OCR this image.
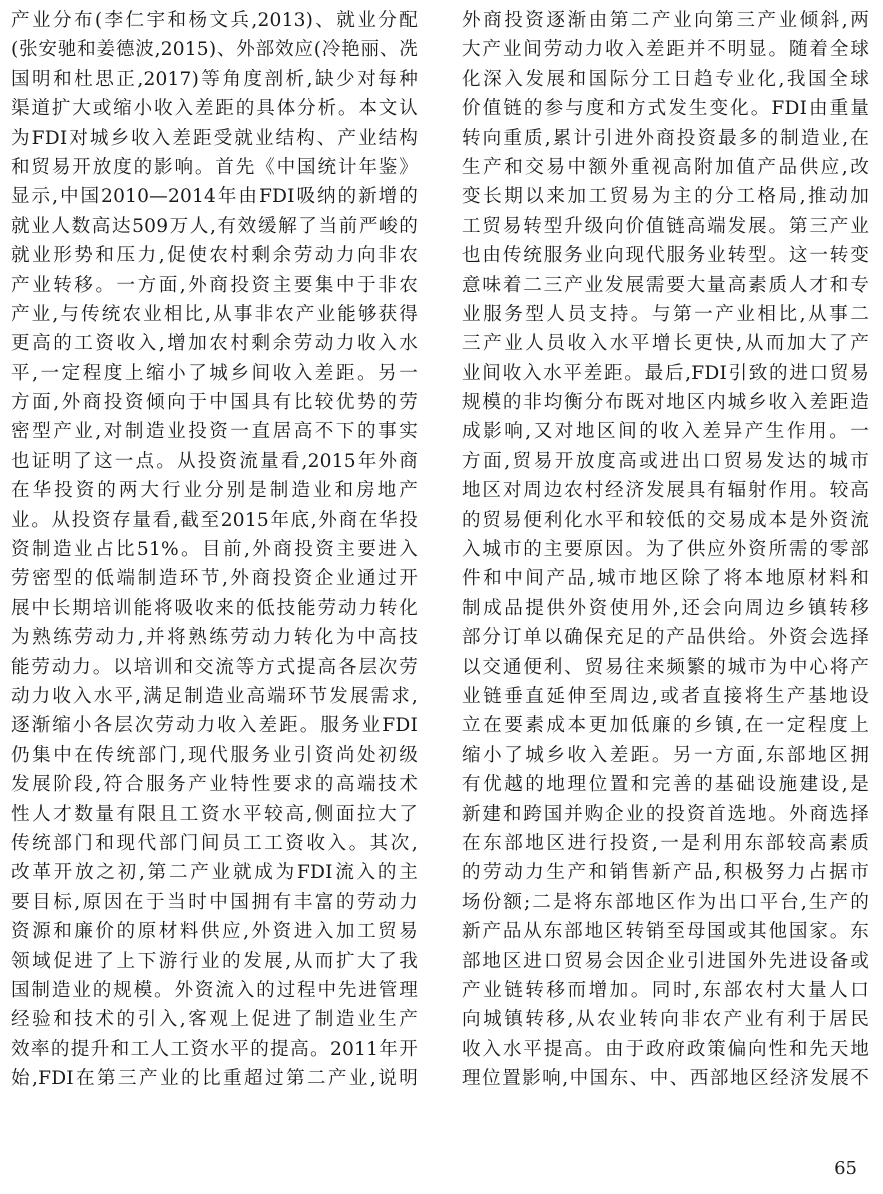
产业分布(李仁宇和杨文兵,2013)、就业分配
(张安驰和姜德波,2015)、外部效应(冷艳丽、冼
国明和杜思正,2017)等角度剖析,缺少对每种
渠道扩大或缩小收入差距的具体分析。本文认
为FDI对城乡收入差距受就业结构、产业结构
和贸易开放度的影响。首先《中国统计年鉴》
显示,中国2010—2014年由FDI吸纳的新增的
就业人数高达509万人,有效缓解了当前严峻的
就业形势和压力,促使农村剩余劳动力向非农
产业转移。一方面,外商投资主要集中于非农
产业,与传统农业相比,从事非农产业能够获得
更高的工资收入,增加农村剩余劳动力收入水
平,一定程度上缩小了城乡间收入差距。另一
方面,外商投资倾向于中国具有比较优势的劳
密型产业,对制造业投资一直居高不下的事实
也证明了这一点。从投资流量看,2015年外商
在华投资的两大行业分别是制造业和房地产
业。从投资存量看,截至2015年底,外商在华投
资制造业占比51%。目前,外商投资主要进入
劳密型的低端制造环节,外商投资企业通过开
展中长期培训能将吸收来的低技能劳动力转化
为熟练劳动力,并将熟练劳动力转化为中高技
能劳动力。以培训和交流等方式提高各层次劳
动力收入水平,满足制造业高端环节发展需求,
逐渐缩小各层次劳动力收入差距。服务业FDI
仍集中在传统部门,现代服务业引资尚处初级
发展阶段,符合服务产业特性要求的高端技术
性人才数量有限且工资水平较高,侧面拉大了
传统部门和现代部门间员工工资收入。其次,
改革开放之初,第二产业就成为FDI流入的主
要目标,原因在于当时中国拥有丰富的劳动力
资源和廉价的原材料供应,外资进入加工贸易
领域促进了上下游行业的发展,从而扩大了我
国制造业的规模。外资流入的过程中先进管理
经验和技术的引入,客观上促进了制造业生产
效率的提升和工人工资水平的提高。2011年开
始,FDI在第三产业的比重超过第二产业,说明
外商投资逐渐由第二产业向第三产业倾斜,两
大产业间劳动力收入差距并不明显。随着全球
化深入发展和国际分工日趋专业化,我国全球
价值链的参与度和方式发生变化。FDI由重量
转向重质,累计引进外商投资最多的制造业,在
生产和交易中额外重视高附加值产品供应,改
变长期以来加工贸易为主的分工格局,推动加
工贸易转型升级向价值链高端发展。第三产业
也由传统服务业向现代服务业转型。这一转变
意味着二三产业发展需要大量高素质人才和专
业服务型人员支持。与第一产业相比,从事二
三产业人员收入水平增长更快,从而加大了产
业间收入水平差距。最后,FDI引致的进口贸易
规模的非均衡分布既对地区内城乡收入差距造
成影响,又对地区间的收入差异产生作用。一
方面,贸易开放度高或进出口贸易发达的城市
地区对周边农村经济发展具有辐射作用。较高
的贸易便利化水平和较低的交易成本是外资流
入城市的主要原因。为了供应外资所需的零部
件和中间产品,城市地区除了将本地原材料和
制成品提供外资使用外,还会向周边乡镇转移
部分订单以确保充足的产品供给。外资会选择
以交通便利、贸易往来频繁的城市为中心将产
业链垂直延伸至周边,或者直接将生产基地设
立在要素成本更加低廉的乡镇,在一定程度上
缩小了城乡收入差距。另一方面,东部地区拥
有优越的地理位置和完善的基础设施建设,是
新建和跨国并购企业的投资首选地。外商选择
在东部地区进行投资,一是利用东部较高素质
的劳动力生产和销售新产品,积极努力占据市
场份额;二是将东部地区作为出口平台,生产的
新产品从东部地区转销至母国或其他国家。东
部地区进口贸易会因企业引进国外先进设备或
产业链转移而增加。同时,东部农村大量人口
向城镇转移,从农业转向非农产业有利于居民
收入水平提高。由于政府政策偏向性和先天地
理位置影响,中国东、中、西部地区经济发展不
65
